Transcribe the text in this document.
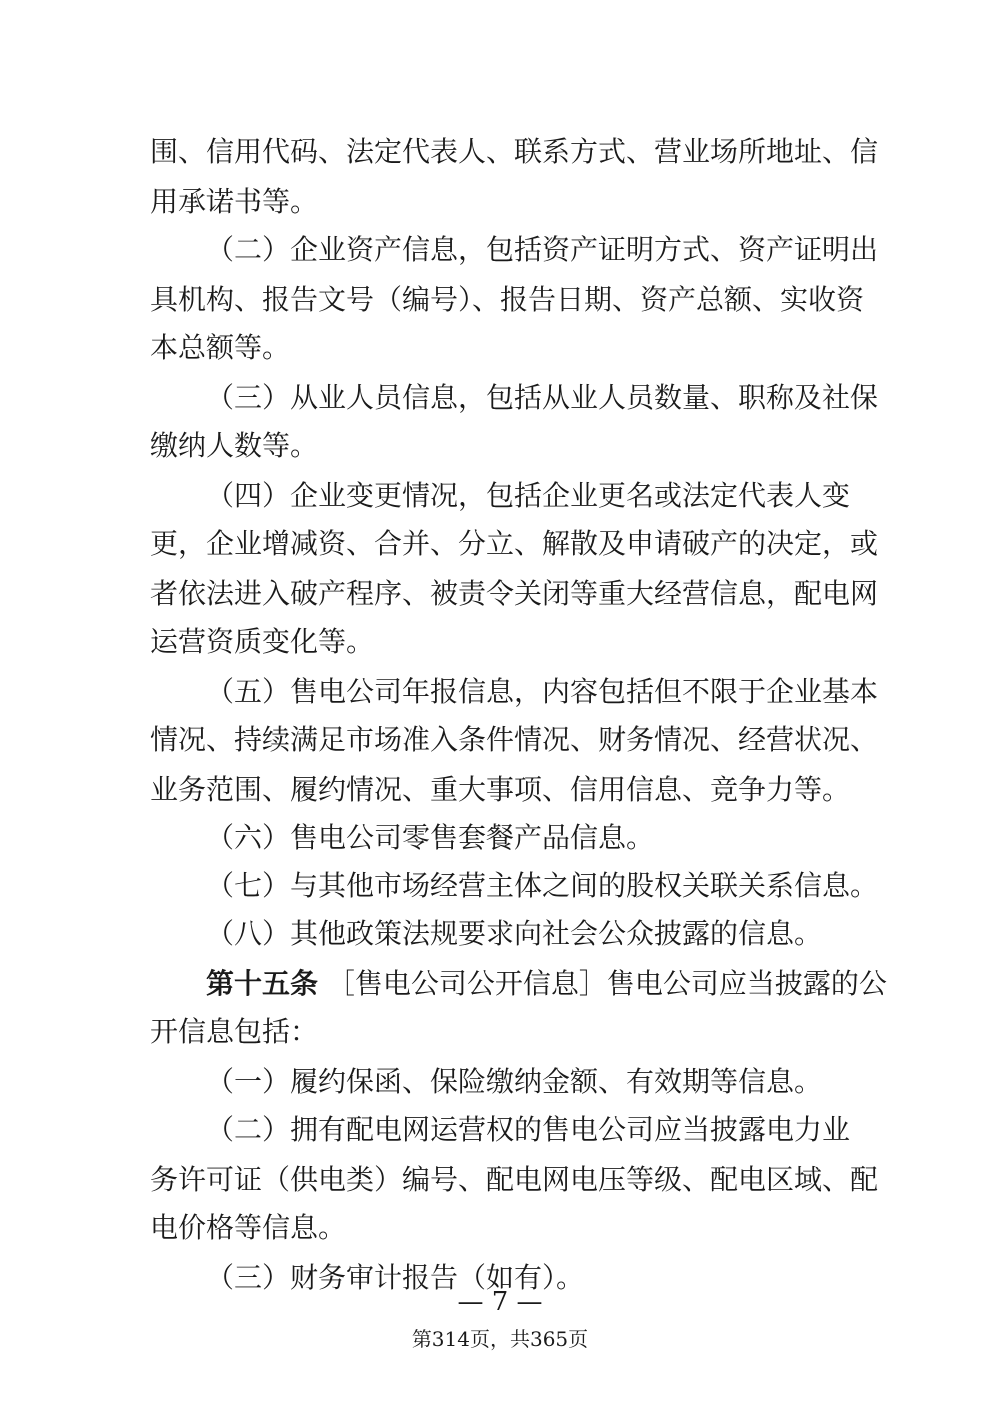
围、信用代码、法定代表人、联系方式、营业场所地址、信
用承诺书等。
（二）企业资产信息，包括资产证明方式、资产证明出
具机构、报告文号（编号）、报告日期、资产总额、实收资
本总额等。
（三）从业人员信息，包括从业人员数量、职称及社保
缴纳人数等。
（四）企业变更情况，包括企业更名或法定代表人变
更，企业增减资、合并、分立、解散及申请破产的决定，或
者依法进入破产程序、被责令关闭等重大经营信息，配电网
运营资质变化等。
（五）售电公司年报信息，内容包括但不限于企业基本
情况、持续满足市场准入条件情况、财务情况、经营状况、
业务范围、履约情况、重大事项、信用信息、竞争力等。
（六）售电公司零售套餐产品信息。
（七）与其他市场经营主体之间的股权关联关系信息。
（八）其他政策法规要求向社会公众披露的信息。
第十五条 ［售电公司公开信息］售电公司应当披露的公
开信息包括：
（一）履约保函、保险缴纳金额、有效期等信息。
（二）拥有配电网运营权的售电公司应当披露电力业
务许可证（供电类）编号、配电网电压等级、配电区域、配
电价格等信息。
（三）财务审计报告（如有）。
— 7 —
第314页，共365页
